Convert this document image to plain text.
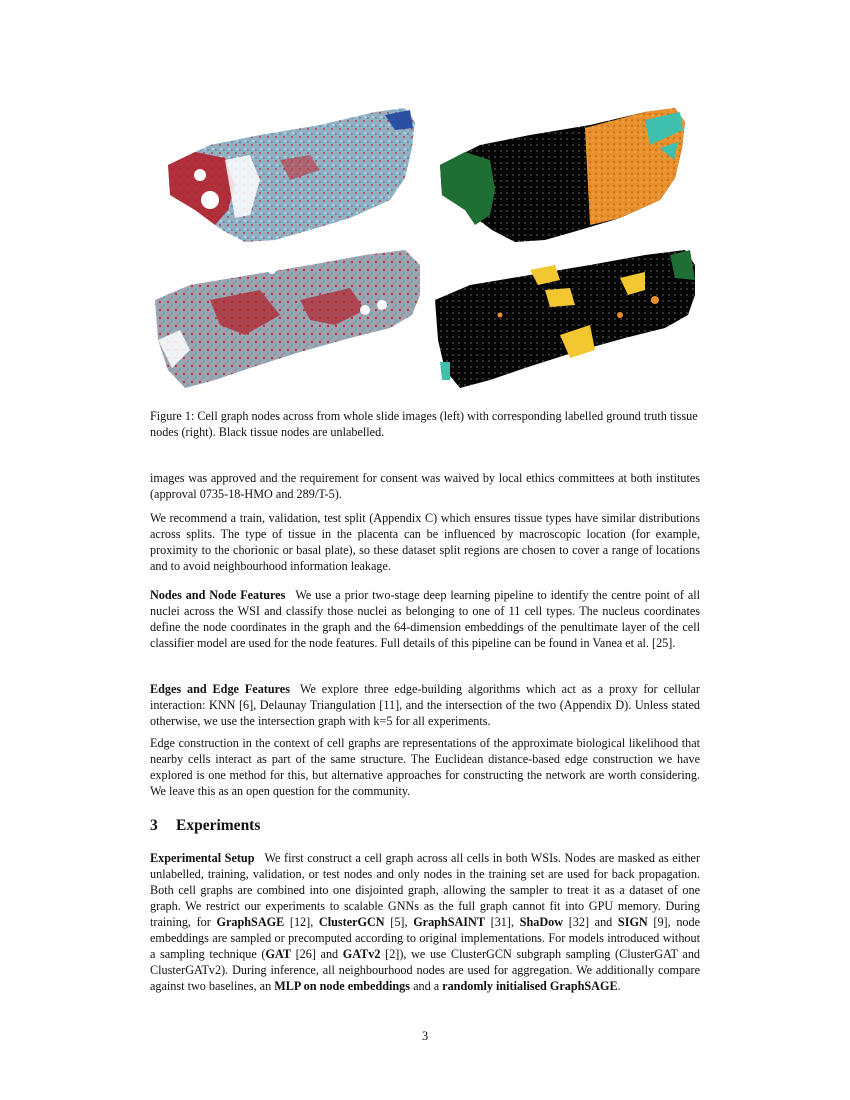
Figure 1: Cell graph nodes across from whole slide images (left) with corresponding labelled ground truth tissue nodes (right). Black tissue nodes are unlabelled.

images was approved and the requirement for consent was waived by local ethics committees at both institutes (approval 0735-18-HMO and 289/T-5).

We recommend a train, validation, test split (Appendix C) which ensures tissue types have similar distributions across splits. The type of tissue in the placenta can be influenced by macroscopic location (for example, proximity to the chorionic or basal plate), so these dataset split regions are chosen to cover a range of locations and to avoid neighbourhood information leakage.

Nodes and Node Features We use a prior two-stage deep learning pipeline to identify the centre point of all nuclei across the WSI and classify those nuclei as belonging to one of 11 cell types. The nucleus coordinates define the node coordinates in the graph and the 64-dimension embeddings of the penultimate layer of the cell classifier model are used for the node features. Full details of this pipeline can be found in Vanea et al. [25].

Edges and Edge Features We explore three edge-building algorithms which act as a proxy for cellular interaction: KNN [6], Delaunay Triangulation [11], and the intersection of the two (Appendix D). Unless stated otherwise, we use the intersection graph with k=5 for all experiments.

Edge construction in the context of cell graphs are representations of the approximate biological likelihood that nearby cells interact as part of the same structure. The Euclidean distance-based edge construction we have explored is one method for this, but alternative approaches for constructing the network are worth considering. We leave this as an open question for the community.

3 Experiments

Experimental Setup We first construct a cell graph across all cells in both WSIs. Nodes are masked as either unlabelled, training, validation, or test nodes and only nodes in the training set are used for back propagation. Both cell graphs are combined into one disjointed graph, allowing the sampler to treat it as a dataset of one graph. We restrict our experiments to scalable GNNs as the full graph cannot fit into GPU memory. During training, for GraphSAGE [12], ClusterGCN [5], GraphSAINT [31], ShaDow [32] and SIGN [9], node embeddings are sampled or precomputed according to original implementations. For models introduced without a sampling technique (GAT [26] and GATv2 [2]), we use ClusterGCN subgraph sampling (ClusterGAT and ClusterGATv2). During inference, all neighbourhood nodes are used for aggregation. We additionally compare against two baselines, an MLP on node embeddings and a randomly initialised GraphSAGE.

3
